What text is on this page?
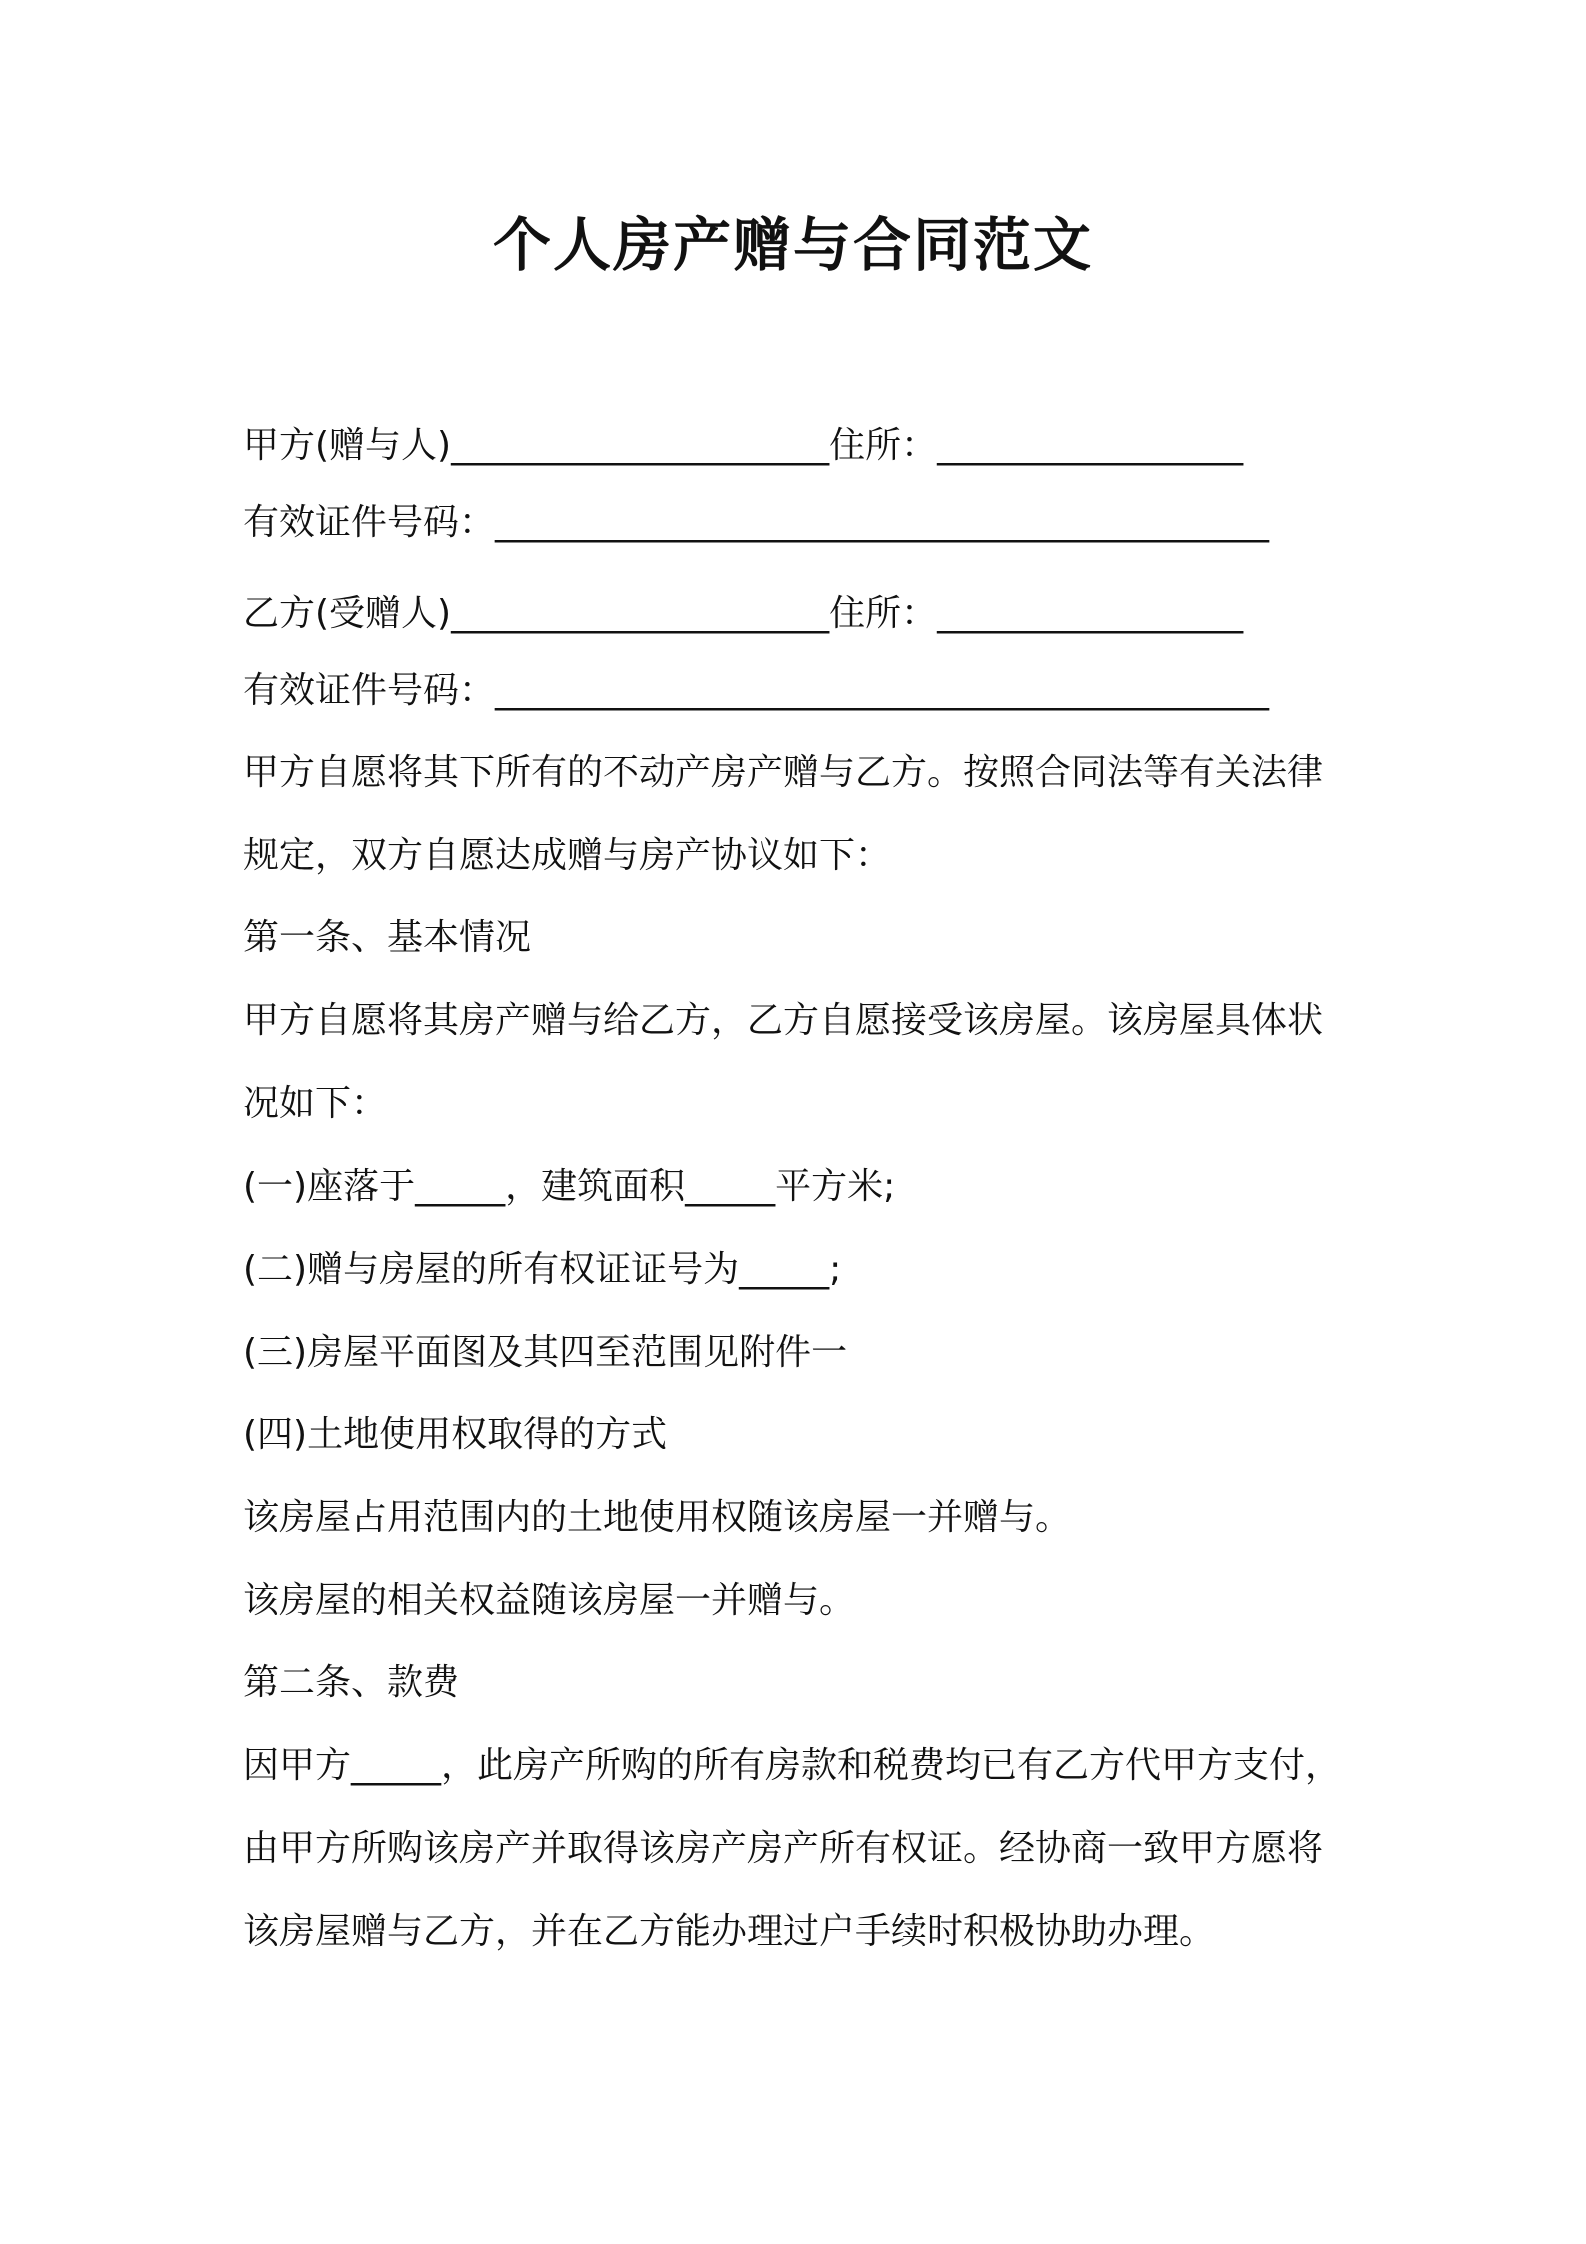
个人房产赠与合同范文
甲方(赠与人)_____________________住所：_________________
有效证件号码：___________________________________________
乙方(受赠人)_____________________住所：_________________
有效证件号码：___________________________________________
甲方自愿将其下所有的不动产房产赠与乙方。按照合同法等有关法律
规定，双方自愿达成赠与房产协议如下：
第一条、基本情况
甲方自愿将其房产赠与给乙方，乙方自愿接受该房屋。该房屋具体状
况如下：
(一)座落于_____，建筑面积_____平方米;
(二)赠与房屋的所有权证证号为_____;
(三)房屋平面图及其四至范围见附件一
(四)土地使用权取得的方式
该房屋占用范围内的土地使用权随该房屋一并赠与。
该房屋的相关权益随该房屋一并赠与。
第二条、款费
因甲方_____，此房产所购的所有房款和税费均已有乙方代甲方支付，
由甲方所购该房产并取得该房产房产所有权证。经协商一致甲方愿将
该房屋赠与乙方，并在乙方能办理过户手续时积极协助办理。
